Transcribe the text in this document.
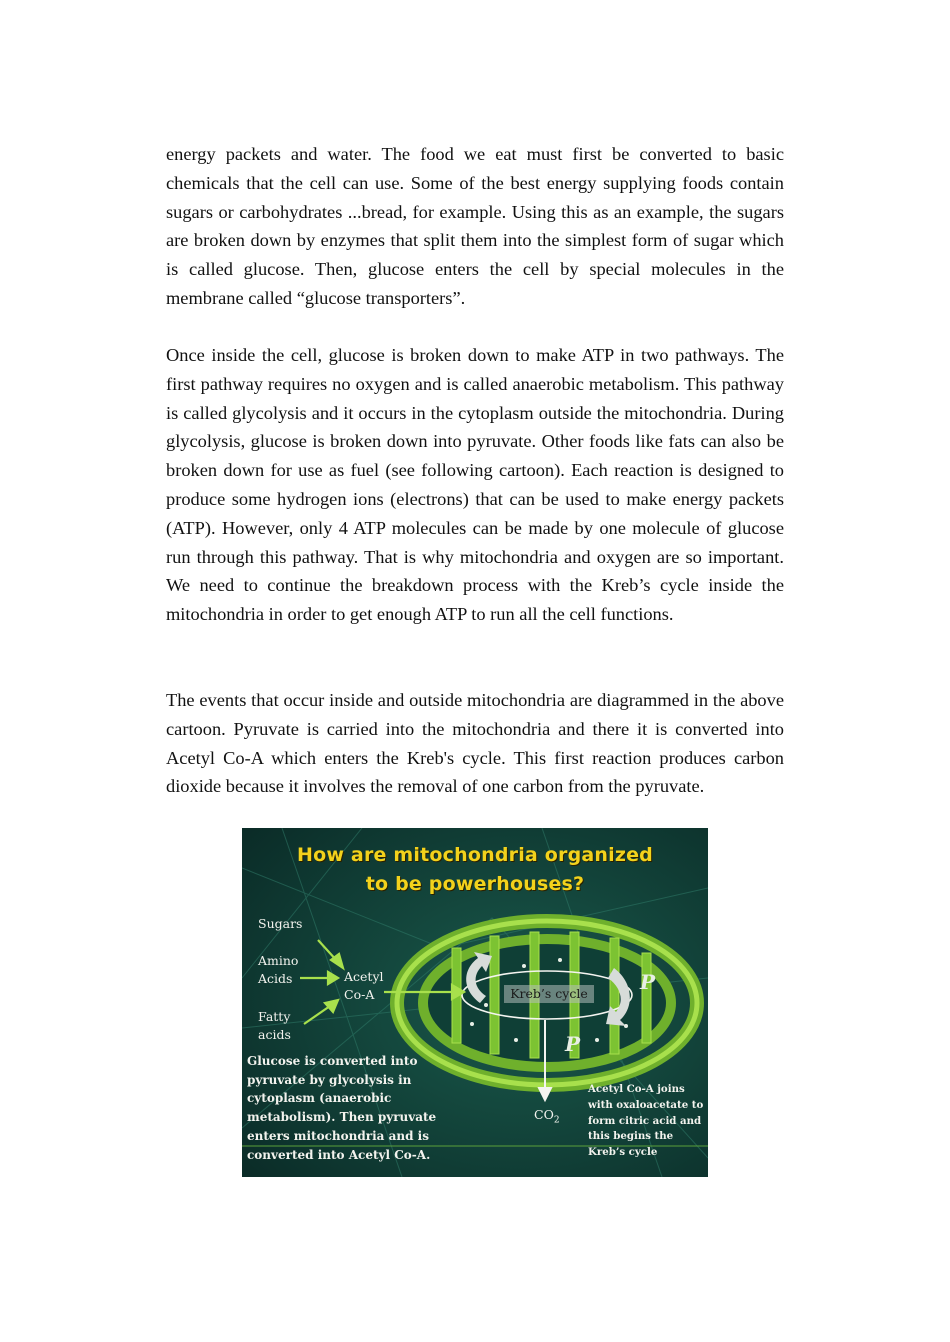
energy packets and water. The food we eat must first be converted to basic chemicals that the cell can use. Some of the best energy supplying foods contain sugars or carbohydrates ...bread, for example. Using this as an example, the sugars are broken down by enzymes that split them into the simplest form of sugar which is called glucose. Then, glucose enters the cell by special molecules in the membrane called “glucose transporters”.

Once inside the cell, glucose is broken down to make ATP in two pathways. The first pathway requires no oxygen and is called anaerobic metabolism. This pathway is called glycolysis and it occurs in the cytoplasm outside the mitochondria. During glycolysis, glucose is broken down into pyruvate. Other foods like fats can also be broken down for use as fuel (see following cartoon). Each reaction is designed to produce some hydrogen ions (electrons) that can be used to make energy packets (ATP). However, only 4 ATP molecules can be made by one molecule of glucose run through this pathway. That is why mitochondria and oxygen are so important. We need to continue the breakdown process with the Kreb’s cycle inside the mitochondria in order to get enough ATP to run all the cell functions.

The events that occur inside and outside mitochondria are diagrammed in the above cartoon. Pyruvate is carried into the mitochondria and there it is converted into Acetyl Co-A which enters the Kreb's cycle. This first reaction produces carbon dioxide because it involves the removal of one carbon from the pyruvate.

How are mitochondria organized
to be powerhouses?
Sugars
Amino
Acids
Fatty
acids
Acetyl
Co-A	Kreb’s cycle	P
P
$CO_2$
Glucose is converted into
pyruvate by glycolysis in
cytoplasm (anaerobic
metabolism). Then pyruvate
enters mitochondria and is
converted into Acetyl Co-A.
Acetyl Co-A joins
with oxaloacetate to
form citric acid and
this begins the
Kreb’s cycle
